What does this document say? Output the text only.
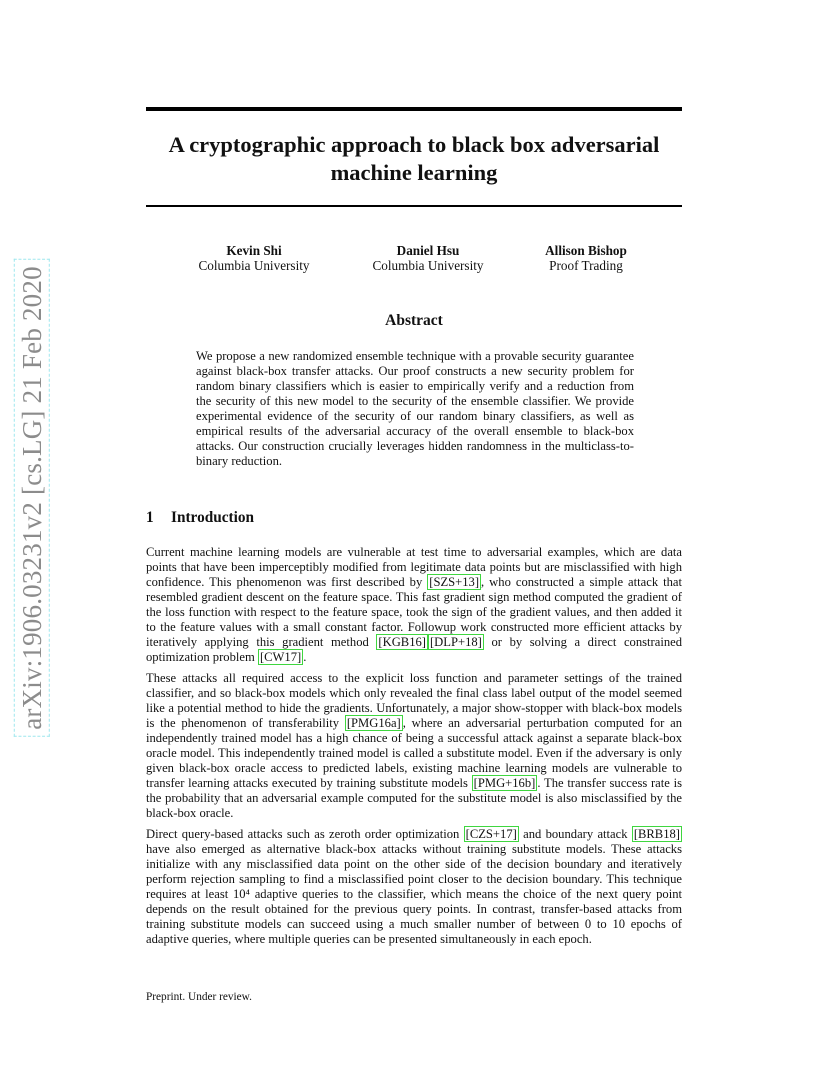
arXiv:1906.03231v2 [cs.LG] 21 Feb 2020
A cryptographic approach to black box adversarial machine learning
Kevin Shi
Columbia University
Daniel Hsu
Columbia University
Allison Bishop
Proof Trading
Abstract

We propose a new randomized ensemble technique with a provable security guarantee against black-box transfer attacks. Our proof constructs a new security problem for random binary classifiers which is easier to empirically verify and a reduction from the security of this new model to the security of the ensemble classifier. We provide experimental evidence of the security of our random binary classifiers, as well as empirical results of the adversarial accuracy of the overall ensemble to black-box attacks. Our construction crucially leverages hidden randomness in the multiclass-to-binary reduction.

1 Introduction

Current machine learning models are vulnerable at test time to adversarial examples, which are data points that have been imperceptibly modified from legitimate data points but are misclassified with high confidence. This phenomenon was first described by [SZS+13] , who constructed a simple attack that resembled gradient descent on the feature space. This fast gradient sign method computed the gradient of the loss function with respect to the feature space, took the sign of the gradient values, and then added it to the feature values with a small constant factor. Followup work constructed more efficient attacks by iteratively applying this gradient method [KGB16] [DLP+18] or by solving a direct constrained optimization problem [CW17] .

These attacks all required access to the explicit loss function and parameter settings of the trained classifier, and so black-box models which only revealed the final class label output of the model seemed like a potential method to hide the gradients. Unfortunately, a major show-stopper with black-box models is the phenomenon of transferability [PMG16a] , where an adversarial perturbation computed for an independently trained model has a high chance of being a successful attack against a separate black-box oracle model. This independently trained model is called a substitute model. Even if the adversary is only given black-box oracle access to predicted labels, existing machine learning models are vulnerable to transfer learning attacks executed by training substitute models [PMG+16b] . The transfer success rate is the probability that an adversarial example computed for the substitute model is also misclassified by the black-box oracle.

Direct query-based attacks such as zeroth order optimization [CZS+17] and boundary attack [BRB18] have also emerged as alternative black-box attacks without training substitute models. These attacks initialize with any misclassified data point on the other side of the decision boundary and iteratively perform rejection sampling to find a misclassified point closer to the decision boundary. This technique requires at least 10⁴ adaptive queries to the classifier, which means the choice of the next query point depends on the result obtained for the previous query points. In contrast, transfer-based attacks from training substitute models can succeed using a much smaller number of between 0 to 10 epochs of adaptive queries, where multiple queries can be presented simultaneously in each epoch.

Preprint. Under review.
